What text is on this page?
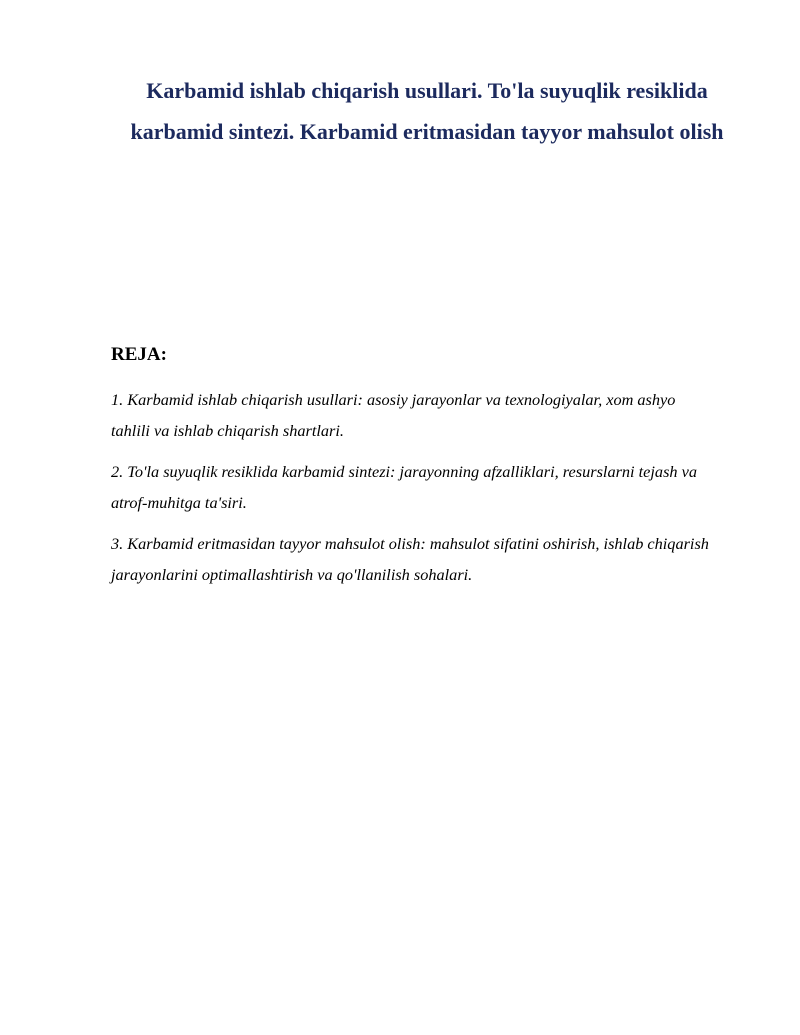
Karbamid ishlab chiqarish usullari. To'la suyuqlik resiklida karbamid sintezi. Karbamid eritmasidan tayyor mahsulot olish
REJA:
1. Karbamid ishlab chiqarish usullari: asosiy jarayonlar va texnologiyalar, xom ashyo tahlili va ishlab chiqarish shartlari.
2. To'la suyuqlik resiklida karbamid sintezi: jarayonning afzalliklari, resurslarni tejash va atrof-muhitga ta'siri.
3. Karbamid eritmasidan tayyor mahsulot olish: mahsulot sifatini oshirish, ishlab chiqarish jarayonlarini optimallashtirish va qo'llanilish sohalari.
